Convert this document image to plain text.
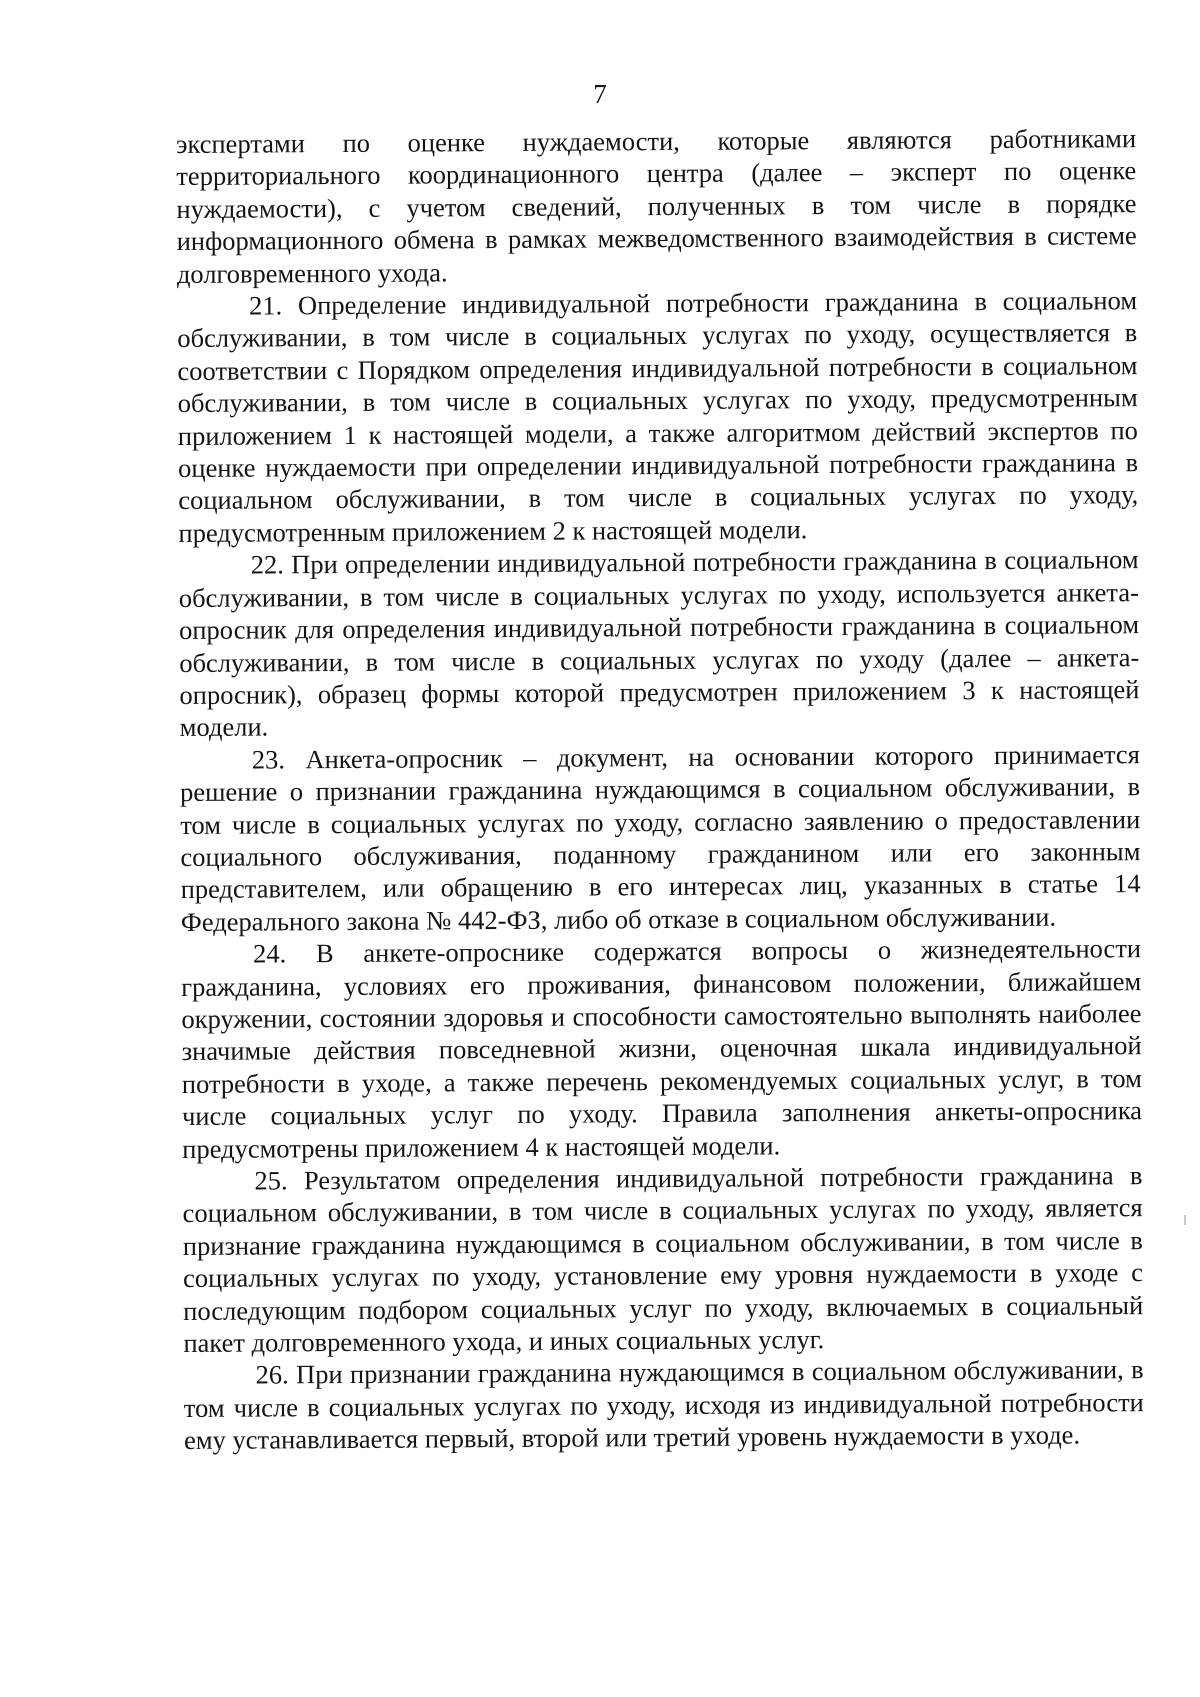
7

экспертами по оценке нуждаемости, которые являются работниками территориального координационного центра (далее – эксперт по оценке нуждаемости), с учетом сведений, полученных в том числе в порядке информационного обмена в рамках межведомственного взаимодействия в системе долговременного ухода.

21. Определение индивидуальной потребности гражданина в социальном обслуживании, в том числе в социальных услугах по уходу, осуществляется в соответствии с Порядком определения индивидуальной потребности в социальном обслуживании, в том числе в социальных услугах по уходу, предусмотренным приложением 1 к настоящей модели, а также алгоритмом действий экспертов по оценке нуждаемости при определении индивидуальной потребности гражданина в социальном обслуживании, в том числе в социальных услугах по уходу, предусмотренным приложением 2 к настоящей модели.

22. При определении индивидуальной потребности гражданина в социальном обслуживании, в том числе в социальных услугах по уходу, используется анкета-опросник для определения индивидуальной потребности гражданина в социальном обслуживании, в том числе в социальных услугах по уходу (далее – анкета-опросник), образец формы которой предусмотрен приложением 3 к настоящей модели.

23. Анкета-опросник – документ, на основании которого принимается решение о признании гражданина нуждающимся в социальном обслуживании, в том числе в социальных услугах по уходу, согласно заявлению о предоставлении социального обслуживания, поданному гражданином или его законным представителем, или обращению в его интересах лиц, указанных в статье 14 Федерального закона № 442-ФЗ, либо об отказе в социальном обслуживании.

24. В анкете-опроснике содержатся вопросы о жизнедеятельности гражданина, условиях его проживания, финансовом положении, ближайшем окружении, состоянии здоровья и способности самостоятельно выполнять наиболее значимые действия повседневной жизни, оценочная шкала индивидуальной потребности в уходе, а также перечень рекомендуемых социальных услуг, в том числе социальных услуг по уходу. Правила заполнения анкеты-опросника предусмотрены приложением 4 к настоящей модели.

25. Результатом определения индивидуальной потребности гражданина в социальном обслуживании, в том числе в социальных услугах по уходу, является признание гражданина нуждающимся в социальном обслуживании, в том числе в социальных услугах по уходу, установление ему уровня нуждаемости в уходе с последующим подбором социальных услуг по уходу, включаемых в социальный пакет долговременного ухода, и иных социальных услуг.

26. При признании гражданина нуждающимся в социальном обслуживании, в том числе в социальных услугах по уходу, исходя из индивидуальной потребности ему устанавливается первый, второй или третий уровень нуждаемости в уходе.
